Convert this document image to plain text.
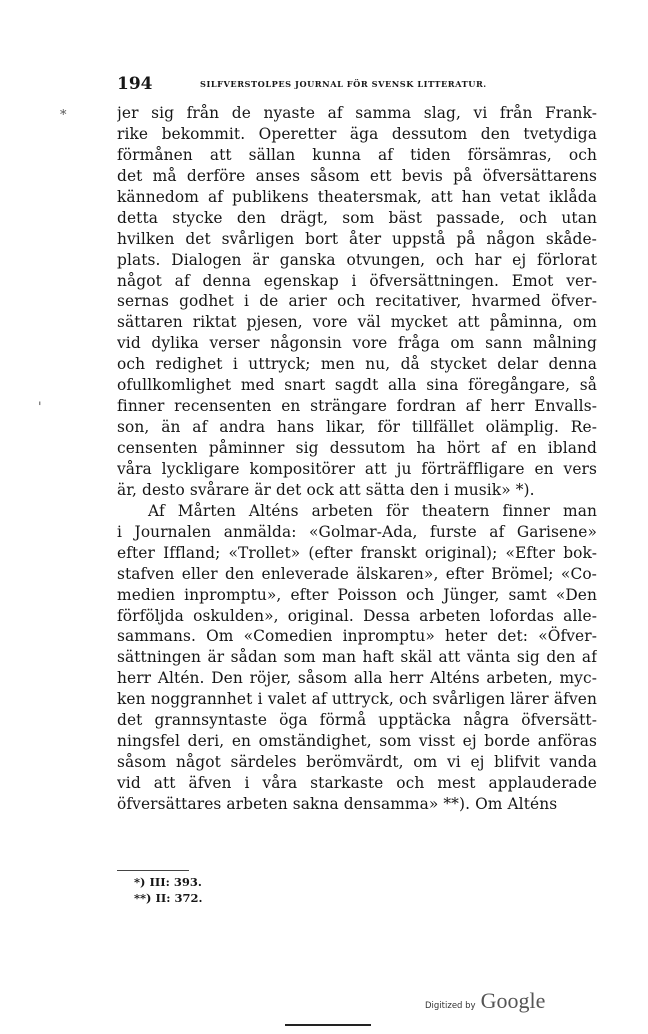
*
'
194	SILFVERSTOLPES JOURNAL FÖR SVENSK LITTERATUR.
jer sig från de nyaste af samma slag, vi från Frank-
rike bekommit. Operetter äga dessutom den tvetydiga
förmånen att sällan kunna af tiden försämras, och
det må derföre anses såsom ett bevis på öfversättarens
kännedom af publikens theatersmak, att han vetat iklåda
detta stycke den drägt, som bäst passade, och utan
hvilken det svårligen bort åter uppstå på någon skåde-
plats. Dialogen är ganska otvungen, och har ej förlorat
något af denna egenskap i öfversättningen. Emot ver-
sernas godhet i de arier och recitativer, hvarmed öfver-
sättaren riktat pjesen, vore väl mycket att påminna, om
vid dylika verser någonsin vore fråga om sann målning
och redighet i uttryck; men nu, då stycket delar denna
ofullkomlighet med snart sagdt alla sina föregångare, så
finner recensenten en strängare fordran af herr Envalls-
son, än af andra hans likar, för tillfället olämplig. Re-
censenten påminner sig dessutom ha hört af en ibland
våra lyckligare kompositörer att ju förträffligare en vers
är, desto svårare är det ock att sätta den i musik» *).
Af Mårten Alténs arbeten för theatern finner man
i Journalen anmälda: «Golmar-Ada, furste af Garisene»
efter Iffland; «Trollet» (efter franskt original); «Efter bok-
stafven eller den enleverade älskaren», efter Brömel; «Co-
medien inpromptu», efter Poisson och Jünger, samt «Den
förföljda oskulden», original. Dessa arbeten lofordas alle-
sammans. Om «Comedien inpromptu» heter det: «Öfver-
sättningen är sådan som man haft skäl att vänta sig den af
herr Altén. Den röjer, såsom alla herr Alténs arbeten, myc-
ken noggrannhet i valet af uttryck, och svårligen lärer äfven
det grannsyntaste öga förmå upptäcka några öfversätt-
ningsfel deri, en omständighet, som visst ej borde anföras
såsom något särdeles berömvärdt, om vi ej blifvit vanda
vid att äfven i våra starkaste och mest applauderade
öfversättares arbeten sakna densamma» **). Om Alténs
*) III: 393.
**) II: 372.
Digitized by Google
